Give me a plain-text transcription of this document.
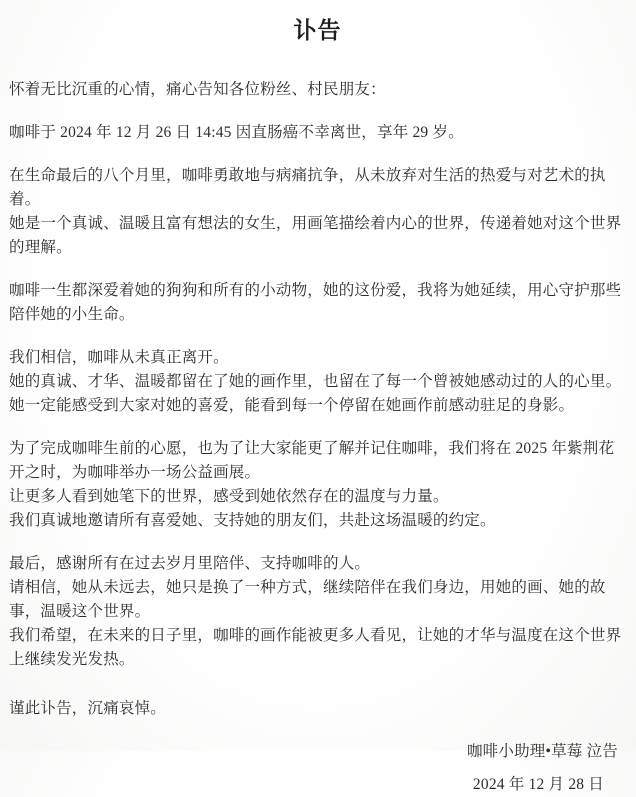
讣告

怀着无比沉重的心情，痛心告知各位粉丝、村民朋友：

咖啡于 2024 年 12 月 26 日 14:45 因直肠癌不幸离世，享年 29 岁。

在生命最后的八个月里，咖啡勇敢地与病痛抗争，从未放弃对生活的热爱与对艺术的执着。

她是一个真诚、温暖且富有想法的女生，用画笔描绘着内心的世界，传递着她对这个世界的理解。

咖啡一生都深爱着她的狗狗和所有的小动物，她的这份爱，我将为她延续，用心守护那些陪伴她的小生命。

我们相信，咖啡从未真正离开。

她的真诚、才华、温暖都留在了她的画作里，也留在了每一个曾被她感动过的人的心里。

她一定能感受到大家对她的喜爱，能看到每一个停留在她画作前感动驻足的身影。

为了完成咖啡生前的心愿，也为了让大家能更了解并记住咖啡，我们将在 2025 年紫荆花开之时，为咖啡举办一场公益画展。

让更多人看到她笔下的世界，感受到她依然存在的温度与力量。

我们真诚地邀请所有喜爱她、支持她的朋友们，共赴这场温暖的约定。

最后，感谢所有在过去岁月里陪伴、支持咖啡的人。

请相信，她从未远去，她只是换了一种方式，继续陪伴在我们身边，用她的画、她的故事，温暖这个世界。

我们希望，在未来的日子里，咖啡的画作能被更多人看见，让她的才华与温度在这个世界上继续发光发热。

谨此讣告，沉痛哀悼。

咖啡小助理•草莓 泣告

2024 年 12 月 28 日
